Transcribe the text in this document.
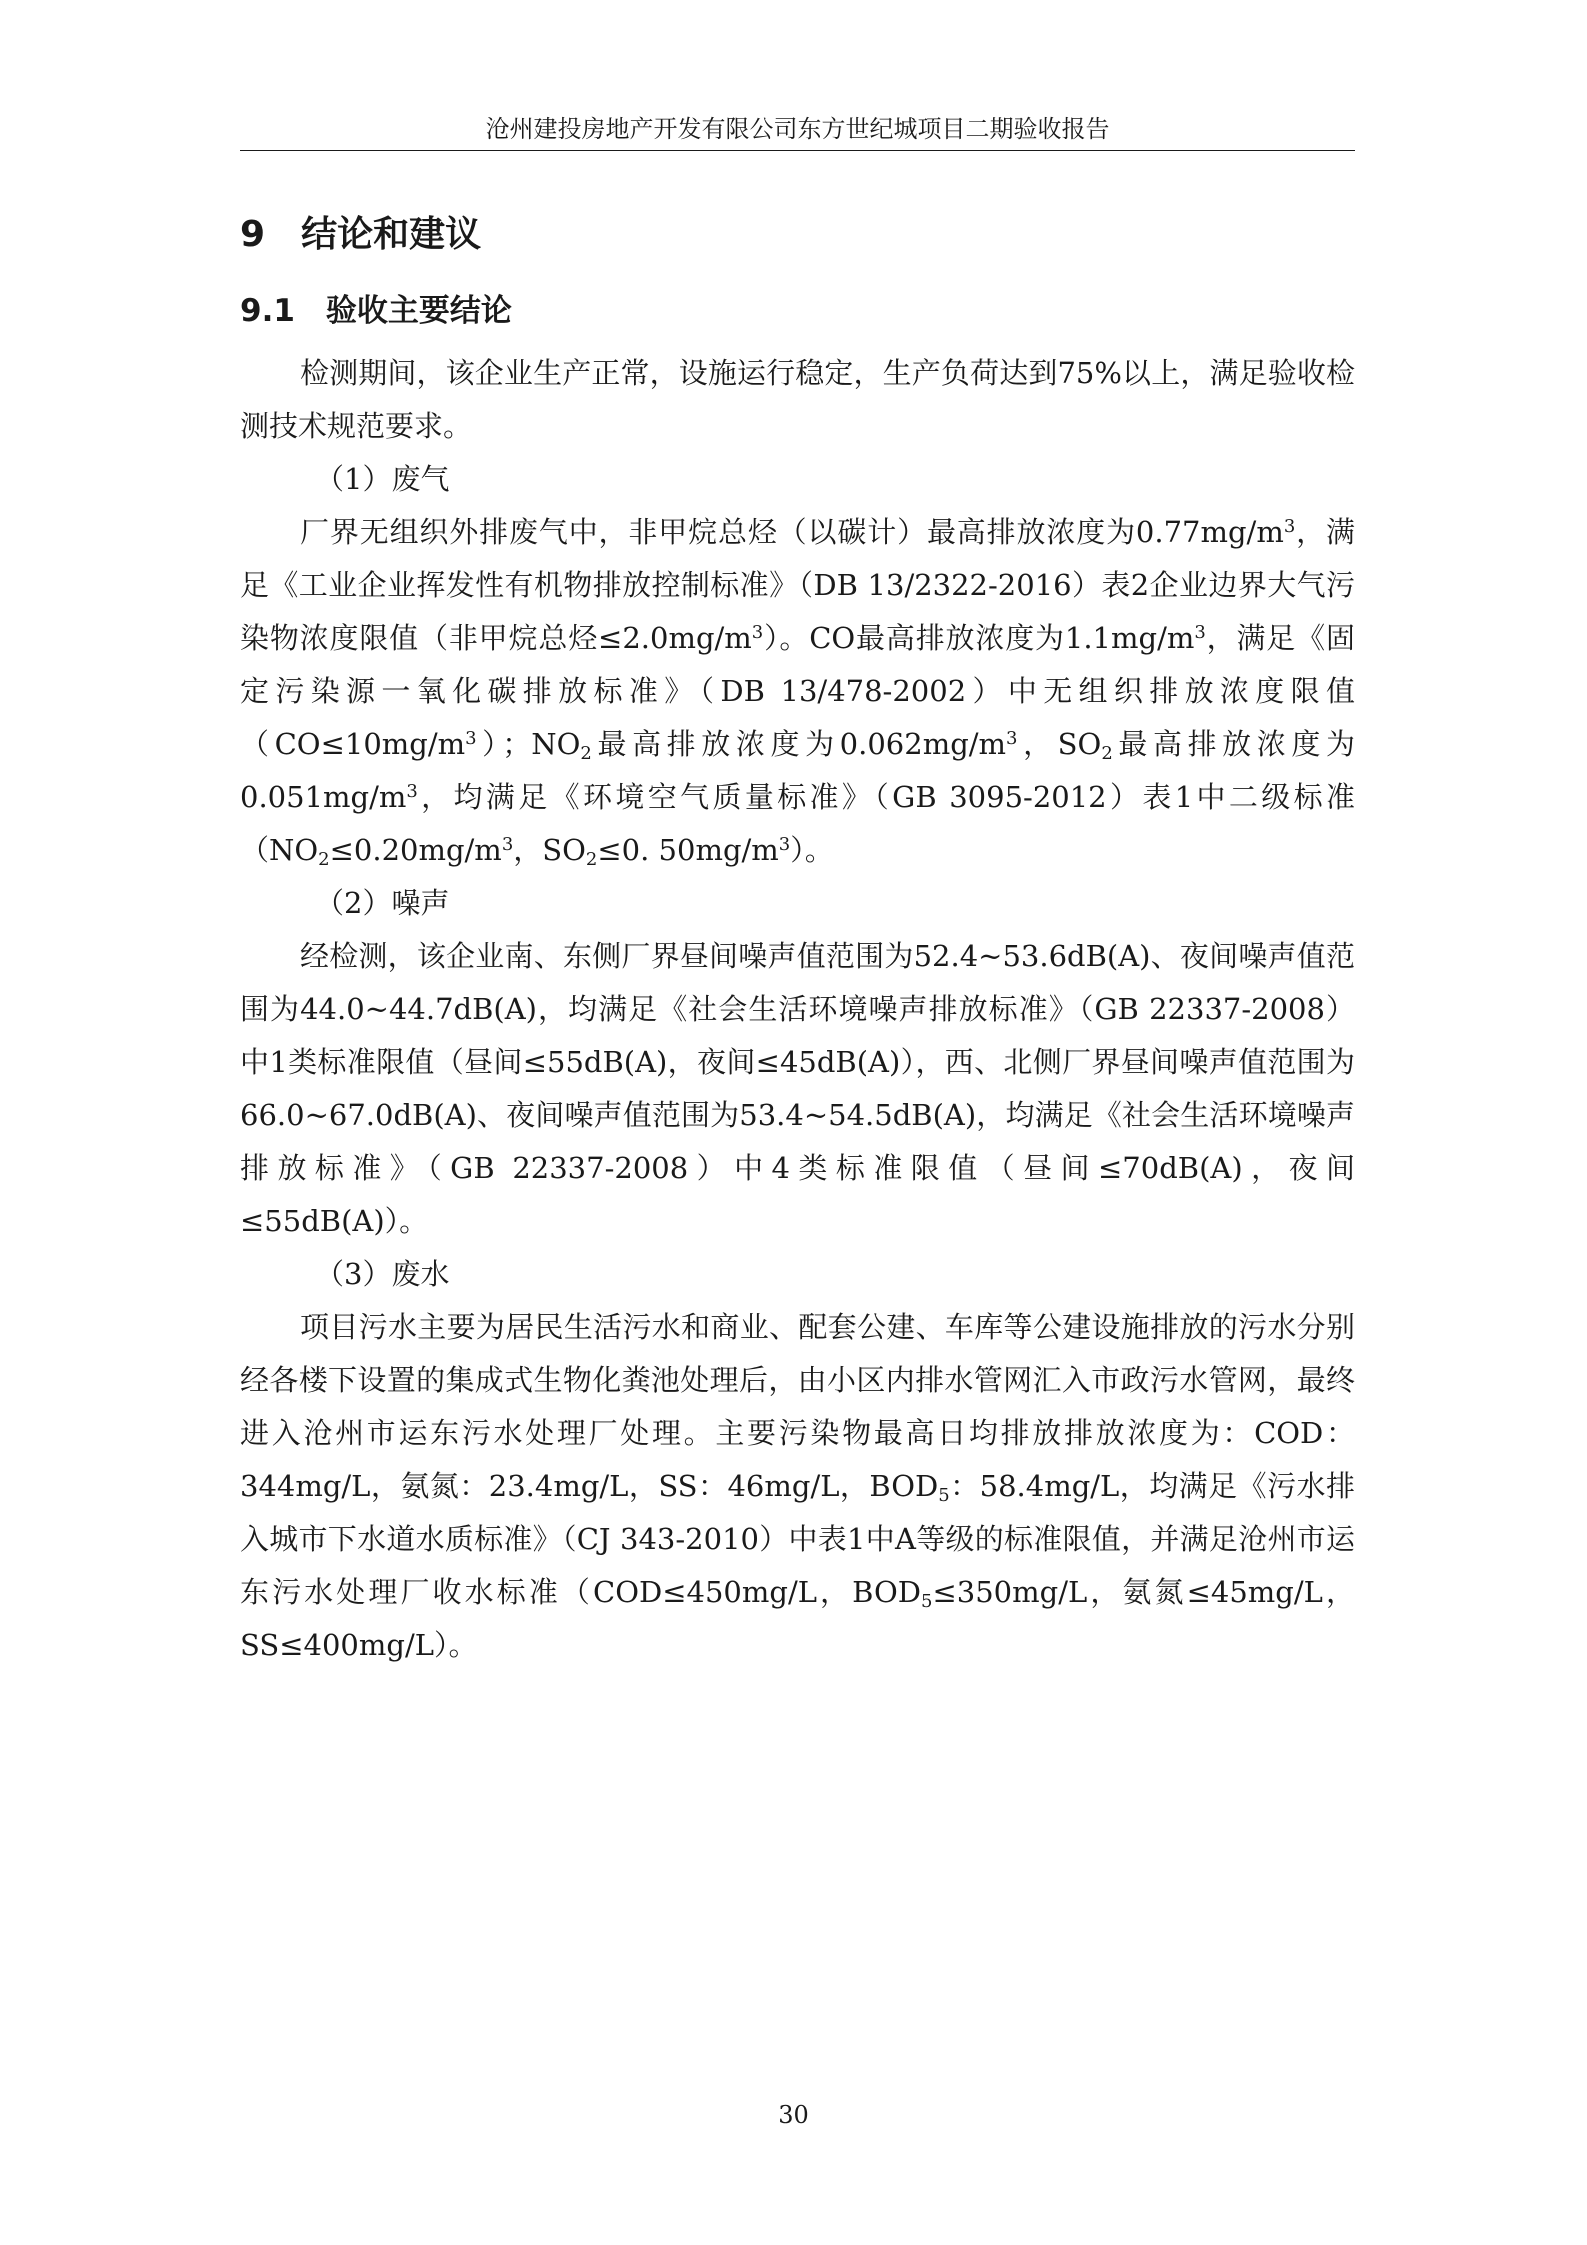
沧州建投房地产开发有限公司东方世纪城项目二期验收报告
9  结论和建议
9.1  验收主要结论

检测期间，该企业生产正常，设施运行稳定，生产负荷达到75%以上，满足验收检测技术规范要求。

（1）废气

厂界无组织外排废气中，非甲烷总烃（以碳计）最高排放浓度为$0.77mg/m^3$，满足《工业企业挥发性有机物排放控制标准》（DB 13/2322-2016）表2企业边界大气污染物浓度限值（非甲烷总烃$\le 2.0mg/m^3$）。CO最高排放浓度为$1.1mg/m^3$，满足《固定污染源一氧化碳排放标准》（DB 13/478-2002）中无组织排放浓度限值$(CO\le 10mg/m^3)$；$NO_2$最高排放浓度为$0.062mg/m^3$，$SO_2$最高排放浓度为$0.051mg/m^3$，均满足《环境空气质量标准》（GB 3095-2012）表1中二级标准（$NO_2\le 0.20mg/m^3$，$SO_2\le 0$. $50mg/m^3$）。

（2）噪声

经检测，该企业南、东侧厂界昼间噪声值范围为52.4~53.6dB(A)、夜间噪声值范围为44.0~44.7dB(A)，均满足《社会生活环境噪声排放标准》（GB 22337-2008）中1类标准限值（昼间≤55dB(A)，夜间≤45dB(A)），西、北侧厂界昼间噪声值范围为66.0~67.0dB(A)、夜间噪声值范围为53.4~54.5dB(A)，均满足《社会生活环境噪声排放标准》（GB 22337-2008）中4类标准限值（昼间≤70dB(A)，夜间≤55dB(A)）。

（3）废水

项目污水主要为居民生活污水和商业、配套公建、车库等公建设施排放的污水分别经各楼下设置的集成式生物化粪池处理后，由小区内排水管网汇入市政污水管网，最终进入沧州市运东污水处理厂处理。主要污染物最高日均排放排放浓度为：COD：344mg/L，氨氮：23.4mg/L，SS：46mg/L，$BOD_5$：58.4mg/L，均满足《污水排入城市下水道水质标准》（CJ 343-2010）中表1中A等级的标准限值，并满足沧州市运东污水处理厂收水标准（COD≤450mg/L，$BOD_5\le 350mg/L$，氨氮≤45mg/L，SS≤400mg/L）。

30
